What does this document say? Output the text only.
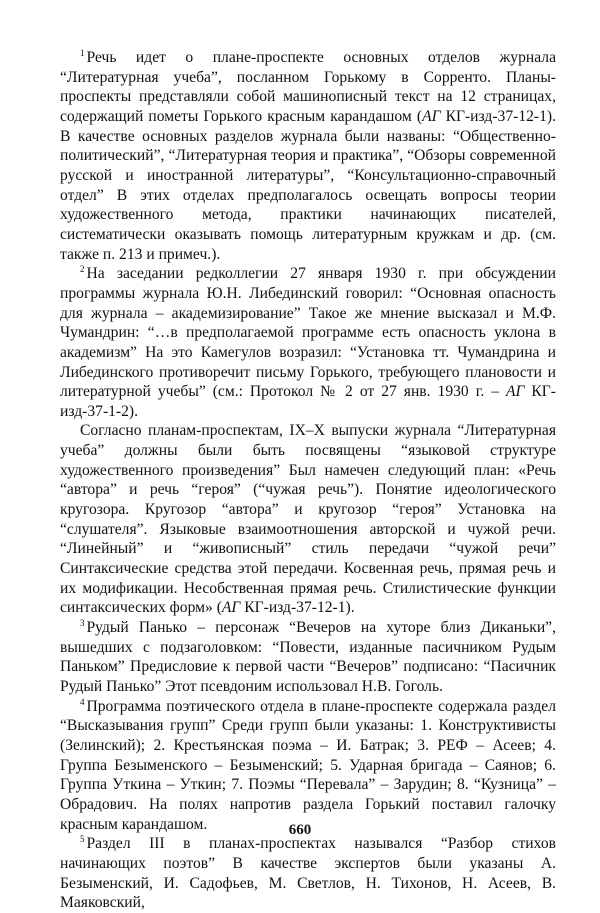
$^1$ Речь идет о плане-проспекте основных отделов журнала “Литературная учеба”, посланном Горькому в Сорренто. Планы-проспекты представляли собой машинописный текст на 12 страницах, содержащий пометы Горького красным карандашом (АГ КГ-изд-37-12-1). В качестве основных разделов журнала были названы: “Общественно-политический”, “Литературная теория и практика”, “Обзоры современной русской и иностранной литературы”, “Консультационно-справочный отдел” В этих отделах предполагалось освещать вопросы теории художественного метода, практики начинающих писателей, систематически оказывать помощь литературным кружкам и др. (см. также п. 213 и примеч.).

$^2$ На заседании редколлегии 27 января 1930 г. при обсуждении программы журнала Ю.Н. Либединский говорил: “Основная опасность для журнала – академизирование” Такое же мнение высказал и М.Ф. Чумандрин: “…в предполагаемой программе есть опасность уклона в академизм” На это Камегулов возразил: “Установка тт. Чумандрина и Либединского противоречит письму Горького, требующего плановости и литературной учебы” (см.: Протокол № 2 от 27 янв. 1930 г. – АГ КГ-изд-37-1-2).

Согласно планам-проспектам, IX–X выпуски журнала “Литературная учеба” должны были быть посвящены “языковой структуре художественного произведения” Был намечен следующий план: «Речь “автора” и речь “героя” (“чужая речь”). Понятие идеологического кругозора. Кругозор “автора” и кругозор “героя” Установка на “слушателя”. Языковые взаимоотношения авторской и чужой речи. “Линейный” и “живописный” стиль передачи “чужой речи” Синтаксические средства этой передачи. Косвенная речь, прямая речь и их модификации. Несобственная прямая речь. Стилистические функции синтаксических форм» (АГ КГ-изд-37-12-1).

$^3$ Рудый Панько – персонаж “Вечеров на хуторе близ Диканьки”, вышедших с подзаголовком: “Повести, изданные пасичником Рудым Паньком” Предисловие к первой части “Вечеров” подписано: “Пасичник Рудый Панько” Этот псевдоним использовал Н.В. Гоголь.

$^4$ Программа поэтического отдела в плане-проспекте содержала раздел “Высказывания групп” Среди групп были указаны: 1. Конструктивисты (Зелинский); 2. Крестьянская поэма – И. Батрак; 3. РЕФ – Асеев; 4. Группа Безыменского – Безыменский; 5. Ударная бригада – Саянов; 6. Группа Уткина – Уткин; 7. Поэмы “Перевала” – Зарудин; 8. “Кузница” – Обрадович. На полях напротив раздела Горький поставил галочку красным карандашом.

$^5$ Раздел III в планах-проспектах назывался “Разбор стихов начинающих поэтов” В качестве экспертов были указаны А. Безыменский, И. Садофьев, М. Светлов, Н. Тихонов, Н. Асеев, В. Маяковский,

660
